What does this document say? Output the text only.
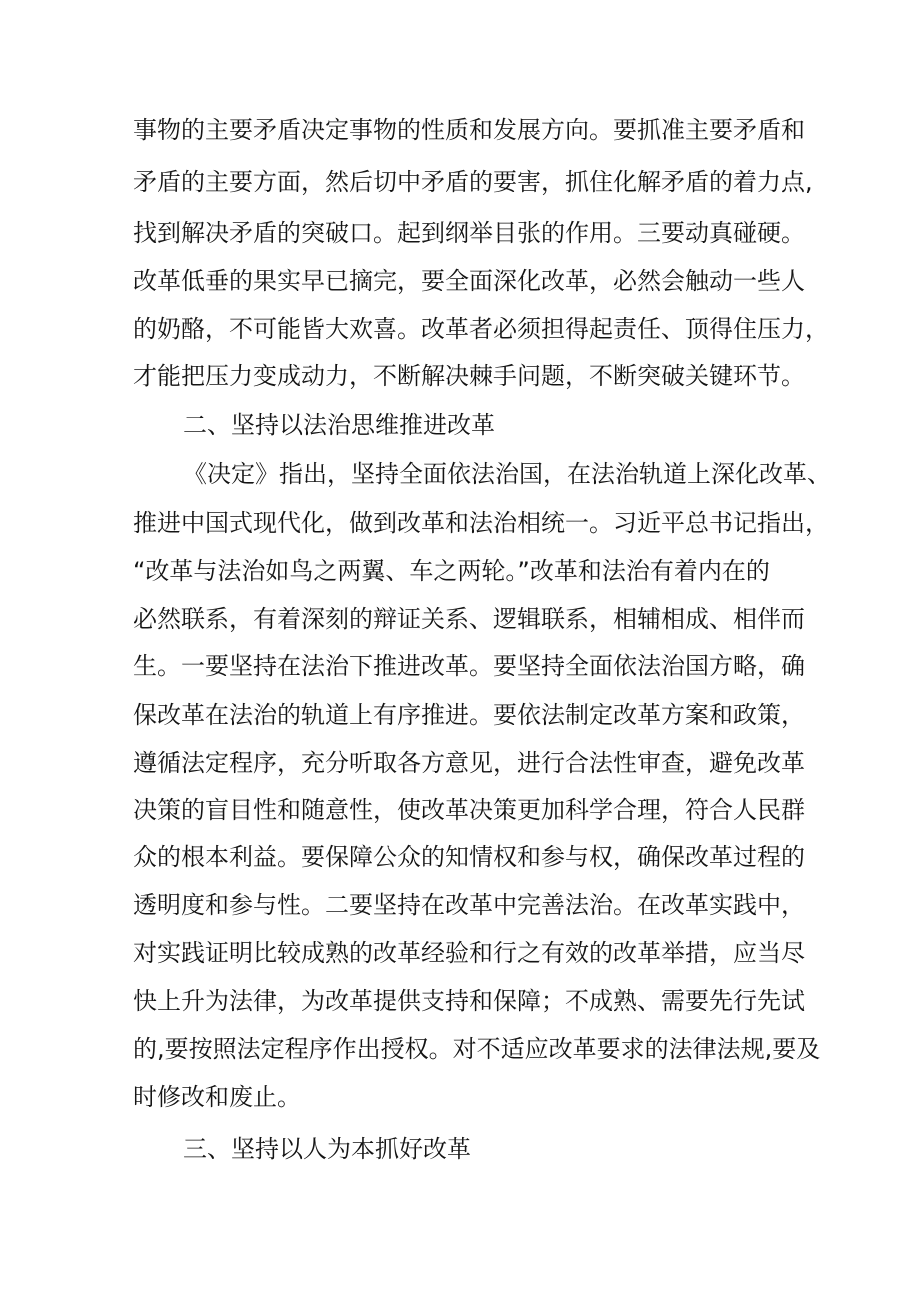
事物的主要矛盾决定事物的性质和发展方向。要抓准主要矛盾和
矛盾的主要方面，然后切中矛盾的要害，抓住化解矛盾的着力点,
找到解决矛盾的突破口。起到纲举目张的作用。三要动真碰硬。
改革低垂的果实早已摘完，要全面深化改革，必然会触动一些人
的奶酪，不可能皆大欢喜。改革者必须担得起责任、顶得住压力，
才能把压力变成动力，不断解决棘手问题，不断突破关键环节。
二、坚持以法治思维推进改革
《决定》指出，坚持全面依法治国，在法治轨道上深化改革、
推进中国式现代化，做到改革和法治相统一。习近平总书记指出，
“改革与法治如鸟之两翼、车之两轮。”改革和法治有着内在的
必然联系，有着深刻的辩证关系、逻辑联系，相辅相成、相伴而
生。一要坚持在法治下推进改革。要坚持全面依法治国方略，确
保改革在法治的轨道上有序推进。要依法制定改革方案和政策，
遵循法定程序，充分听取各方意见，进行合法性审查，避免改革
决策的盲目性和随意性，使改革决策更加科学合理，符合人民群
众的根本利益。要保障公众的知情权和参与权，确保改革过程的
透明度和参与性。二要坚持在改革中完善法治。在改革实践中，
对实践证明比较成熟的改革经验和行之有效的改革举措，应当尽
快上升为法律，为改革提供支持和保障；不成熟、需要先行先试
的,要按照法定程序作出授权。对不适应改革要求的法律法规,要及
时修改和废止。
三、坚持以人为本抓好改革
